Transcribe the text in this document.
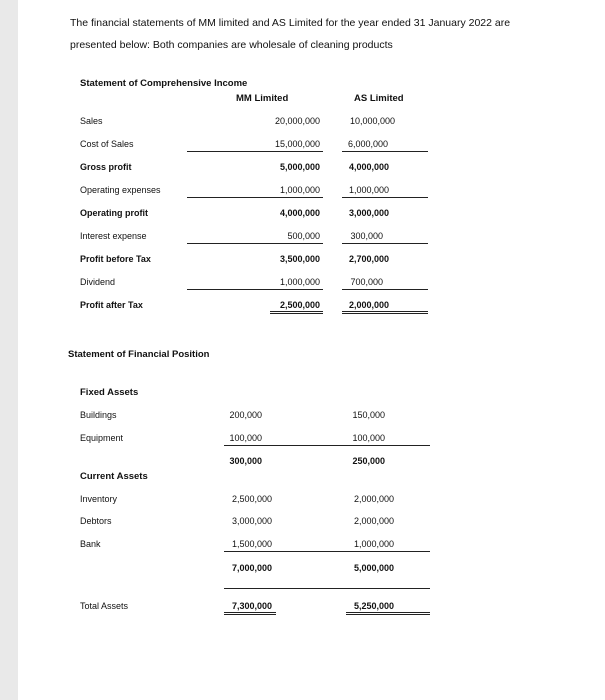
The financial statements of MM limited and AS Limited for the year ended 31 January 2022 are
presented below: Both companies are wholesale of cleaning products
Statement of Comprehensive Income
MM Limited	AS Limited
Sales	20,000,000	10,000,000
Cost of Sales	15,000,000	6,000,000
Gross profit	5,000,000	4,000,000
Operating expenses	1,000,000	1,000,000
Operating profit	4,000,000	3,000,000
Interest expense	500,000	300,000
Profit before Tax	3,500,000	2,700,000
Dividend	1,000,000	700,000
Profit after Tax	2,500,000	2,000,000
Statement of Financial Position
Fixed Assets
Buildings	200,000	150,000
Equipment	100,000	100,000
300,000	250,000
Current Assets
Inventory	2,500,000	2,000,000
Debtors	3,000,000	2,000,000
Bank	1,500,000	1,000,000
7,000,000	5,000,000
Total Assets	7,300,000	5,250,000
